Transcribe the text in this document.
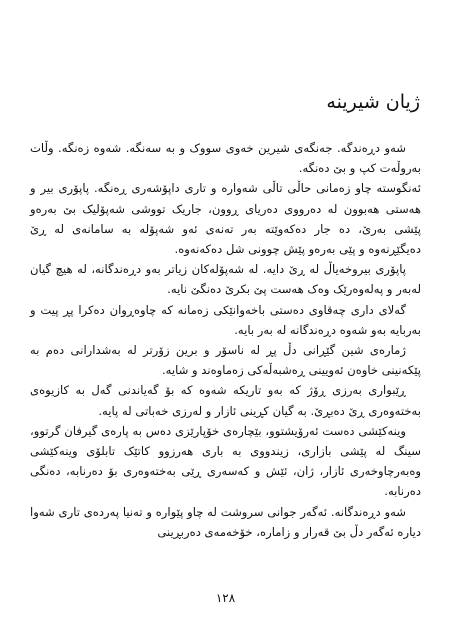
ژیان شیرینە

شەو دڕەندگە. جەنگەی شیرین خەوی سووک و بە سەنگە. شەوە زەنگە. وڵات بەروڵەت کپ و بێ دەنگە.

ئەنگوستە چاو زەمانی حاڵی تاڵی شەوارە و تاری داپۆشەری ڕەنگە. پاپۆری بیر و هەستی هەبوون لە دەرووی دەریای ڕوون، جاریک تووشی شەپۆلیک بێ بەرەو پێشی بەرێ، دە جار دەکەوێتە بەر تەنەی ئەو شەپۆلە بە سامانەی لە ڕێ دەیگێڕنەوە و پێی بەرەو پێش چوونی شل دەکەنەوە.

پاپۆری بیروخەیاڵ لە ڕێ دایە. لە شەپۆلەکان زیاتر بەو دڕەندگانە، لە هیچ گیان لەبەر و پەلەوەرێک وەک هەست پێ بکرێ دەنگێ نایە.

گەلای داری چەقاوی دەستی باخەوانێکی زەمانە کە چاوەڕوان دەکرا پڕ پیت و بەربایە بەو شەوە دڕەندگانە لە بەر بایە.

ژمارەی شین گێڕانی دڵ پڕ لە ناسۆر و برین زۆرتر لە بەشدارانی دەم بە پێکەنینی خاوەن ئەویینی ڕەشبەڵەکی زەماوەند و شایە.

ڕێبواری بەرزی ڕۆژ کە بەو تاریکە شەوە کە بۆ گەیاندنی گەل بە کازیوەی بەختەوەری ڕێ دەبڕێ. بە گیان کڕینی ئازار و لەرزی خەباتی لە پایە.

وینەکێشی دەست ئەرۆیشتوو، بێچارەی خۆپارێزی دەس بە پارەی گیرفان گرتوو، سینگ لە پێشی بازاری، زیندووی بە باری هەرزوو کاتێک تابلۆی وینەکێشی وەبەرچاوخەری ئازار، ژان، ئێش و کەسەری ڕێی بەختەوەری بۆ دەرنابە، دەنگی دەرنابە.

شەو دڕەندگانە. ئەگەر جوانی سروشت لە چاو پێوارە و تەنیا پەردەی تاری شەوا دیارە ئەگەر دڵ بێ قەرار و زامارە، خۆخەمەی دەربڕینی

١٢٨
